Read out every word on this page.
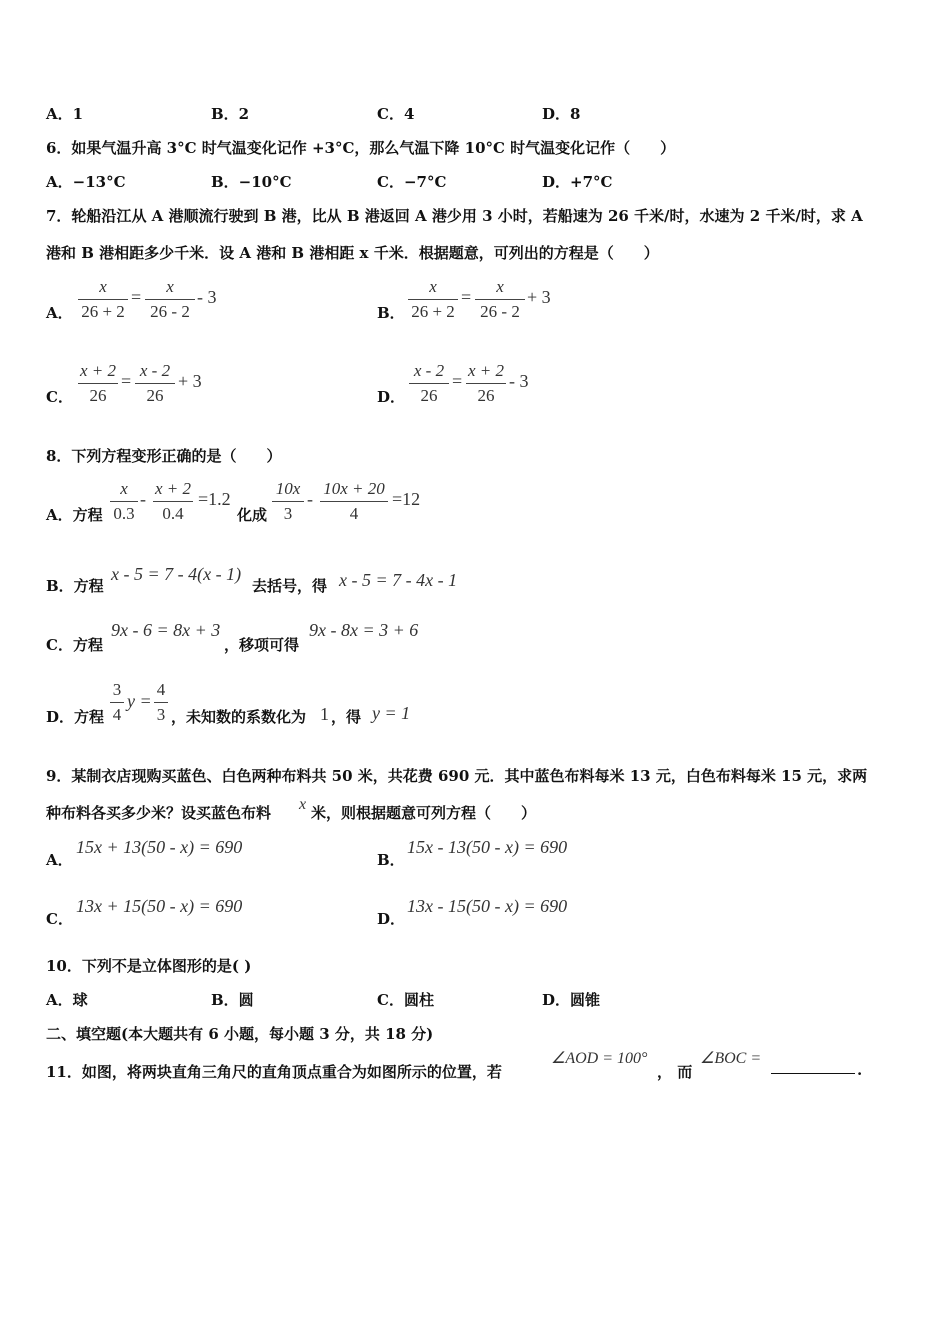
A．1	B．2	C．4	D．8
6．如果气温升高 3°C 时气温变化记作 +3°C，那么气温下降 10°C 时气温变化记作（　　）
A．−13°C	B．−10°C	C．−7°C	D．+7°C
7．轮船沿江从 A 港顺流行驶到 B 港，比从 B 港返回 A 港少用 3 小时，若船速为 26 千米/时，水速为 2 千米/时，求 A
港和 B 港相距多少千米．设 A 港和 B 港相距 x 千米．根据题意，可列出的方程是（　　）
A．
x
26 + 2
=
x
26 - 2
- 3
B．
x
26 + 2
=
x
26 - 2
+ 3
C．
x + 2
26
=
x - 2
26
+ 3
D．
x - 2
26
=
x + 2
26
- 3
8．下列方程变形正确的是（　　）
A．方程
x
0.3
-
x + 2
0.4
=1.2
化成
10x
3
-
10x + 20
4
=12
B．方程
x - 5 = 7 - 4(x - 1)
去括号，得 x - 5 = 7 - 4x - 1
C．方程
9x - 6 = 8x + 3
，移项可得
9x - 8x = 3 + 6
D．方程
3
4
y =
4
3 ，未知数的系数化为 1 ，得 y = 1
9．某制衣店现购买蓝色、白色两种布料共 50 米，共花费 690 元．其中蓝色布料每米 13 元，白色布料每米 15 元，求两
种布料各买多少米？设买蓝色布料 x 米，则根据题意可列方程（　　）
A．
15x + 13(50 - x) = 690
B．
15x - 13(50 - x) = 690
C．
13x + 15(50 - x) = 690
D．
13x - 15(50 - x) = 690
10．下列不是立体图形的是( )
A．球	B．圆	C．圆柱	D．圆锥
二、填空题(本大题共有 6 小题，每小题 3 分，共 18 分)
11．如图，将两块直角三角尺的直角顶点重合为如图所示的位置，若
∠AOD = 100°
， 而
∠BOC =
.
